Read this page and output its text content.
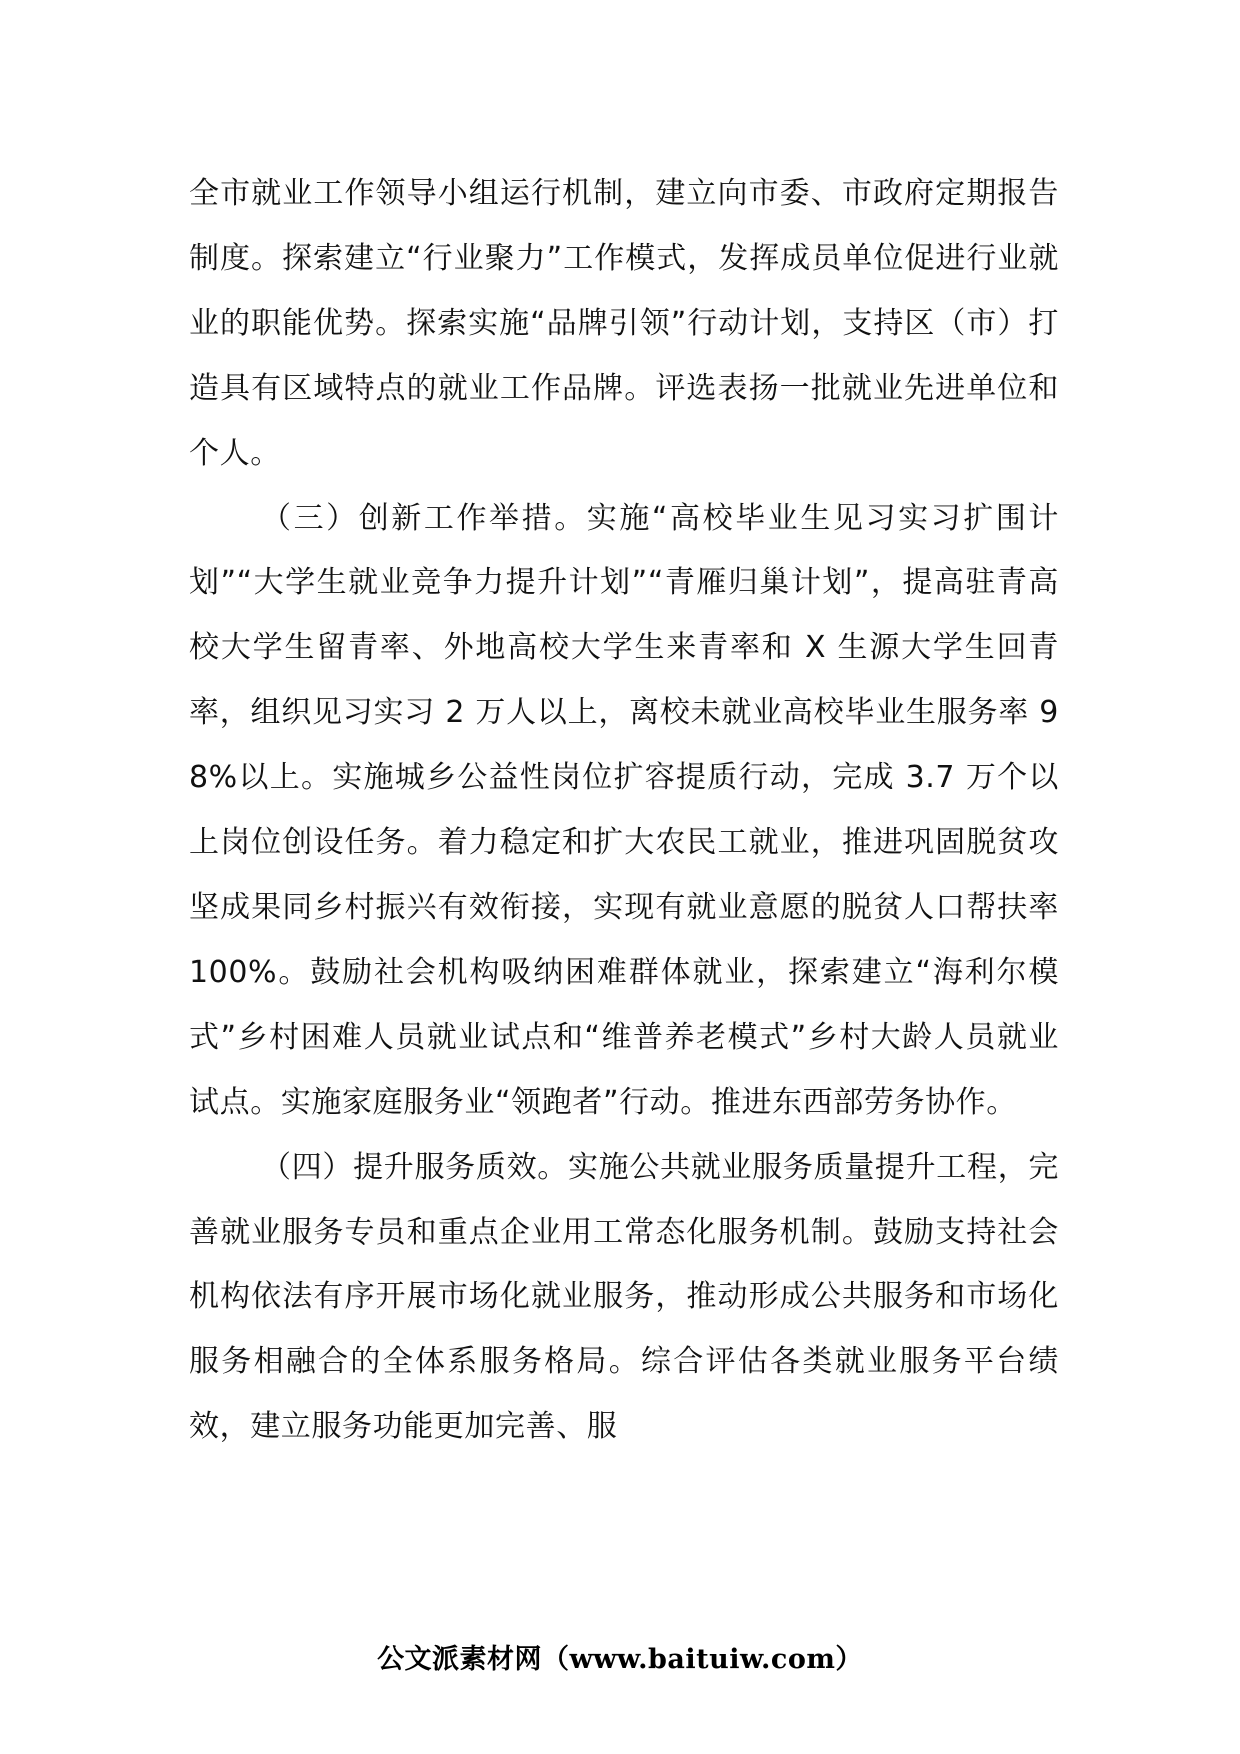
全市就业工作领导小组运行机制，建立向市委、市政府定期报告制度。探索建立“行业聚力”工作模式，发挥成员单位促进行业就业的职能优势。探索实施“品牌引领”行动计划，支持区（市）打造具有区域特点的就业工作品牌。评选表扬一批就业先进单位和个人。

（三）创新工作举措。实施“高校毕业生见习实习扩围计划”“大学生就业竞争力提升计划”“青雁归巢计划”，提高驻青高校大学生留青率、外地高校大学生来青率和 X 生源大学生回青率，组织见习实习 2 万人以上，离校未就业高校毕业生服务率 98%以上。实施城乡公益性岗位扩容提质行动，完成 3.7 万个以上岗位创设任务。着力稳定和扩大农民工就业，推进巩固脱贫攻坚成果同乡村振兴有效衔接，实现有就业意愿的脱贫人口帮扶率 100%。鼓励社会机构吸纳困难群体就业，探索建立“海利尔模式”乡村困难人员就业试点和“维普养老模式”乡村大龄人员就业试点。实施家庭服务业“领跑者”行动。推进东西部劳务协作。

（四）提升服务质效。实施公共就业服务质量提升工程，完善就业服务专员和重点企业用工常态化服务机制。鼓励支持社会机构依法有序开展市场化就业服务，推动形成公共服务和市场化服务相融合的全体系服务格局。综合评估各类就业服务平台绩效，建立服务功能更加完善、服

公文派素材网（www.baituiw.com）
